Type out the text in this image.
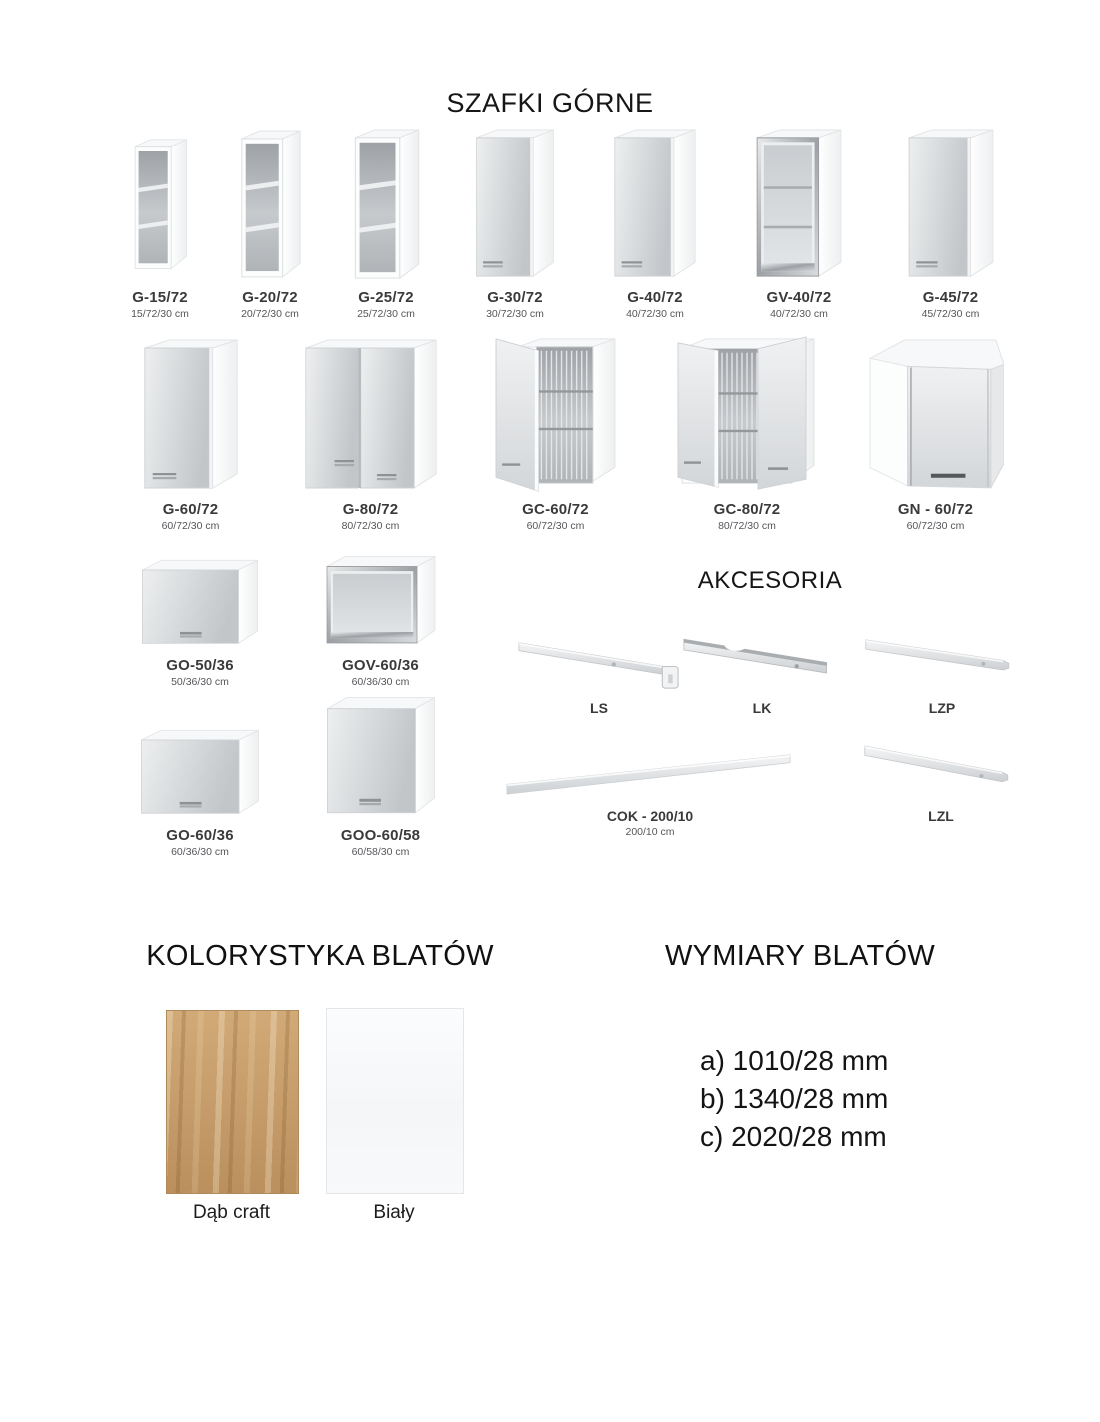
SZAFKI GÓRNE
G-15/72
15/72/30 cm
G-20/72
20/72/30 cm
G-25/72
25/72/30 cm
G-30/72
30/72/30 cm
G-40/72
40/72/30 cm
GV-40/72
40/72/30 cm
G-45/72
45/72/30 cm
G-60/72
60/72/30 cm
G-80/72
80/72/30 cm
GC-60/72
60/72/30 cm
GC-80/72
80/72/30 cm
GN - 60/72
60/72/30 cm
GO-50/36
50/36/30 cm
GOV-60/36
60/36/30 cm
AKCESORIA
LS	LK	LZP
GO-60/36
60/36/30 cm
GOO-60/58
60/58/30 cm
COK - 200/10
200/10 cm
LZL
KOLORYSTYKA BLATÓW	WYMIARY BLATÓW
Dąb craft	Biały
a) 1010/28 mm
b) 1340/28 mm
c) 2020/28 mm
